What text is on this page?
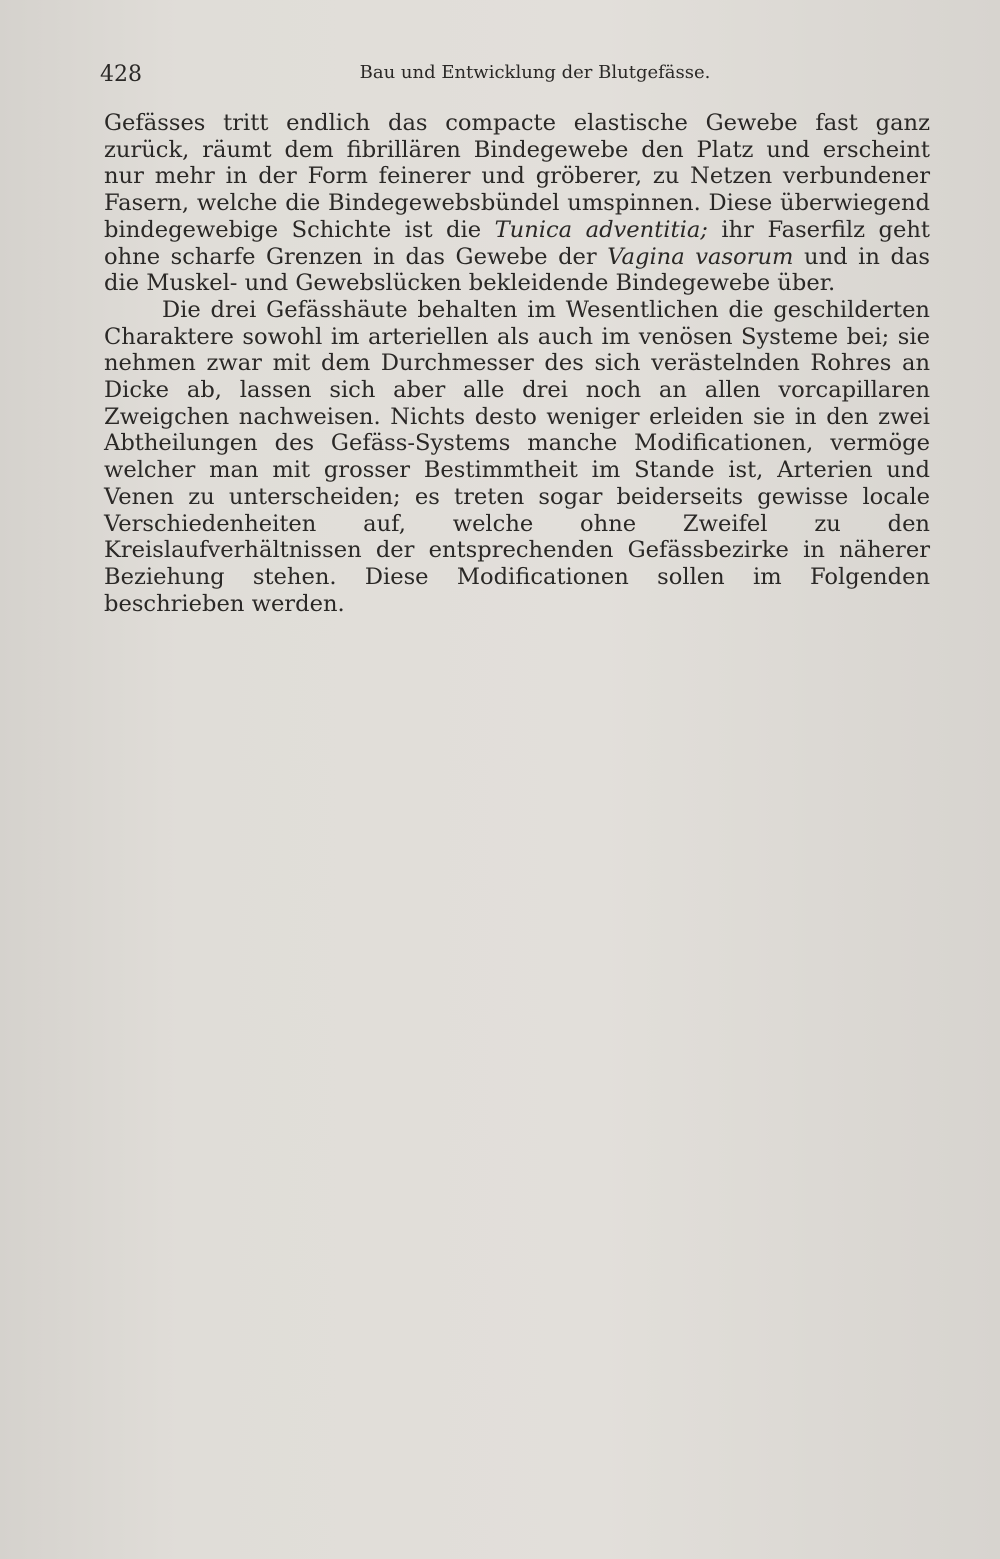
428	Bau und Entwicklung der Blutgefässe.

Gefässes tritt endlich das compacte elastische Gewebe fast ganz zurück, räumt dem fibrillären Bindegewebe den Platz und erscheint nur mehr in der Form feinerer und gröberer, zu Netzen verbundener Fasern, welche die Bindegewebsbündel umspinnen. Diese überwiegend bindegewebige Schichte ist die Tunica adventitia; ihr Faserfilz geht ohne scharfe Grenzen in das Gewebe der Vagina vasorum und in das die Muskel- und Gewebslücken bekleidende Bindegewebe über.

Die drei Gefässhäute behalten im Wesentlichen die geschilderten Charaktere sowohl im arteriellen als auch im venösen Systeme bei; sie nehmen zwar mit dem Durchmesser des sich verästelnden Rohres an Dicke ab, lassen sich aber alle drei noch an allen vorcapillaren Zweigchen nachweisen. Nichts desto weniger erleiden sie in den zwei Abtheilungen des Gefäss-Systems manche Modificationen, vermöge welcher man mit grosser Bestimmtheit im Stande ist, Arterien und Venen zu unterscheiden; es treten sogar beiderseits gewisse locale Verschiedenheiten auf, welche ohne Zweifel zu den Kreislaufverhältnissen der entsprechenden Gefässbezirke in näherer Beziehung stehen. Diese Modificationen sollen im Folgenden beschrieben werden.
